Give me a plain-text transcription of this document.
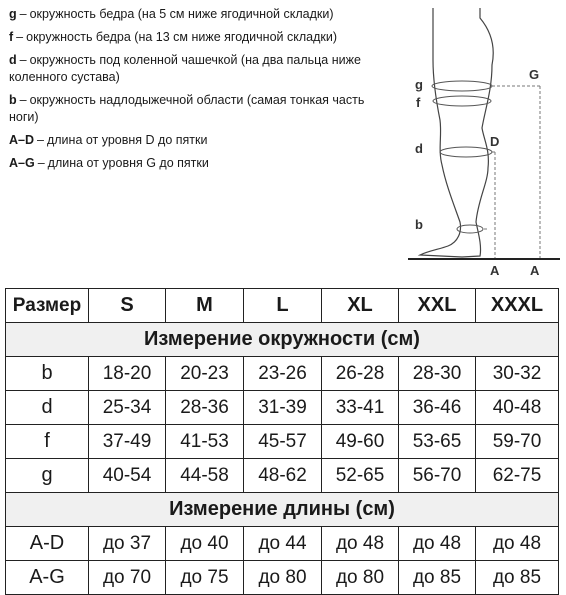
g – окружность бедра (на 5 см ниже ягодичной складки)
f – окружность бедра (на 13 см ниже ягодичной складки)
d – окружность под коленной чашечкой (на два пальца ниже коленного сустава)
b – окружность надлодыжечной области (самая тонкая часть ноги)
A–D – длина от уровня D до пятки
A–G – длина от уровня G до пятки
g
f
d
b
G
D
A A
Размер	S	M	L	XL	XXL	XXXL
Измерение окружности (см)						
b	18-20	20-23	23-26	26-28	28-30	30-32
d	25-34	28-36	31-39	33-41	36-46	40-48
f	37-49	41-53	45-57	49-60	53-65	59-70
g	40-54	44-58	48-62	52-65	56-70	62-75
Измерение длины (см)						
A-D	до 37	до 40	до 44	до 48	до 48	до 48
A-G	до 70	до 75	до 80	до 80	до 85	до 85
